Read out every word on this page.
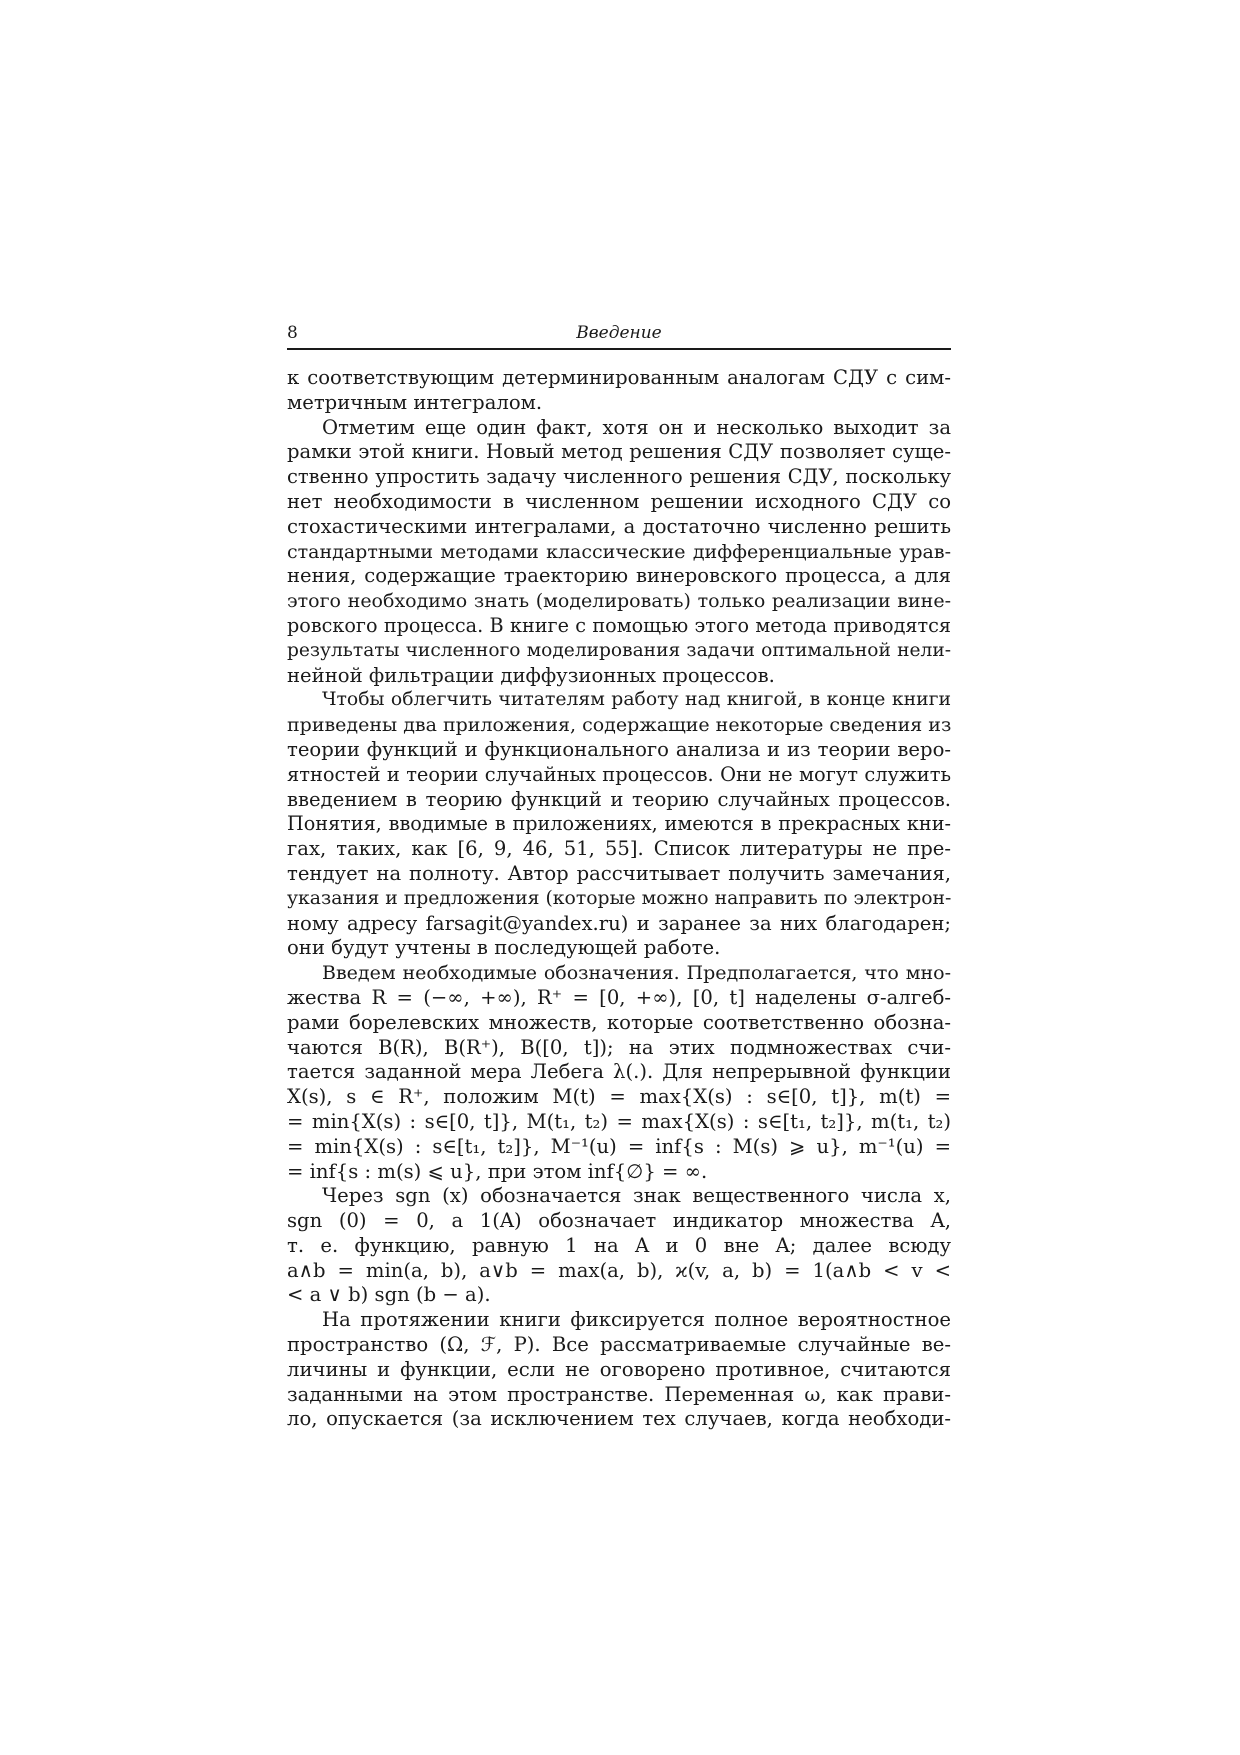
8	Введение
к соответствующим детерминированным аналогам СДУ с сим-
метричным интегралом.
Отметим еще один факт, хотя он и несколько выходит за
рамки этой книги. Новый метод решения СДУ позволяет суще-
ственно упростить задачу численного решения СДУ, поскольку
нет необходимости в численном решении исходного СДУ со
стохастическими интегралами, а достаточно численно решить
стандартными методами классические дифференциальные урав-
нения, содержащие траекторию винеровского процесса, а для
этого необходимо знать (моделировать) только реализации вине-
ровского процесса. В книге с помощью этого метода приводятся
результаты численного моделирования задачи оптимальной нели-
нейной фильтрации диффузионных процессов.
Чтобы облегчить читателям работу над книгой, в конце книги
приведены два приложения, содержащие некоторые сведения из
теории функций и функционального анализа и из теории веро-
ятностей и теории случайных процессов. Они не могут служить
введением в теорию функций и теорию случайных процессов.
Понятия, вводимые в приложениях, имеются в прекрасных кни-
гах, таких, как [6, 9, 46, 51, 55]. Список литературы не пре-
тендует на полноту. Автор рассчитывает получить замечания,
указания и предложения (которые можно направить по электрон-
ному адресу farsagit@yandex.ru) и заранее за них благодарен;
они будут учтены в последующей работе.
Введем необходимые обозначения. Предполагается, что мно-
жества R = (−∞, +∞), R⁺ = [0, +∞), [0, t] наделены σ-алгеб-
рами борелевских множеств, которые соответственно обозна-
чаются B(R), B(R⁺), B([0, t]); на этих подмножествах счи-
тается заданной мера Лебега λ(.). Для непрерывной функции
X(s), s ∈ R⁺, положим M(t) = max{X(s) : s∈[0, t]}, m(t) =
= min{X(s) : s∈[0, t]}, M(t₁, t₂) = max{X(s) : s∈[t₁, t₂]}, m(t₁, t₂)
= min{X(s) : s∈[t₁, t₂]}, M⁻¹(u) = inf{s : M(s) ⩾ u}, m⁻¹(u) =
= inf{s : m(s) ⩽ u}, при этом inf{∅} = ∞.
Через sgn (x) обозначается знак вещественного числа x,
sgn (0) = 0, а 1(A) обозначает индикатор множества A,
т. е. функцию, равную 1 на A и 0 вне A; далее всюду
a∧b = min(a, b), a∨b = max(a, b), ϰ(v, a, b) = 1(a∧b < v <
< a ∨ b) sgn (b − a).
На протяжении книги фиксируется полное вероятностное
пространство (Ω, ℱ, P). Все рассматриваемые случайные ве-
личины и функции, если не оговорено противное, считаются
заданными на этом пространстве. Переменная ω, как прави-
ло, опускается (за исключением тех случаев, когда необходи-
